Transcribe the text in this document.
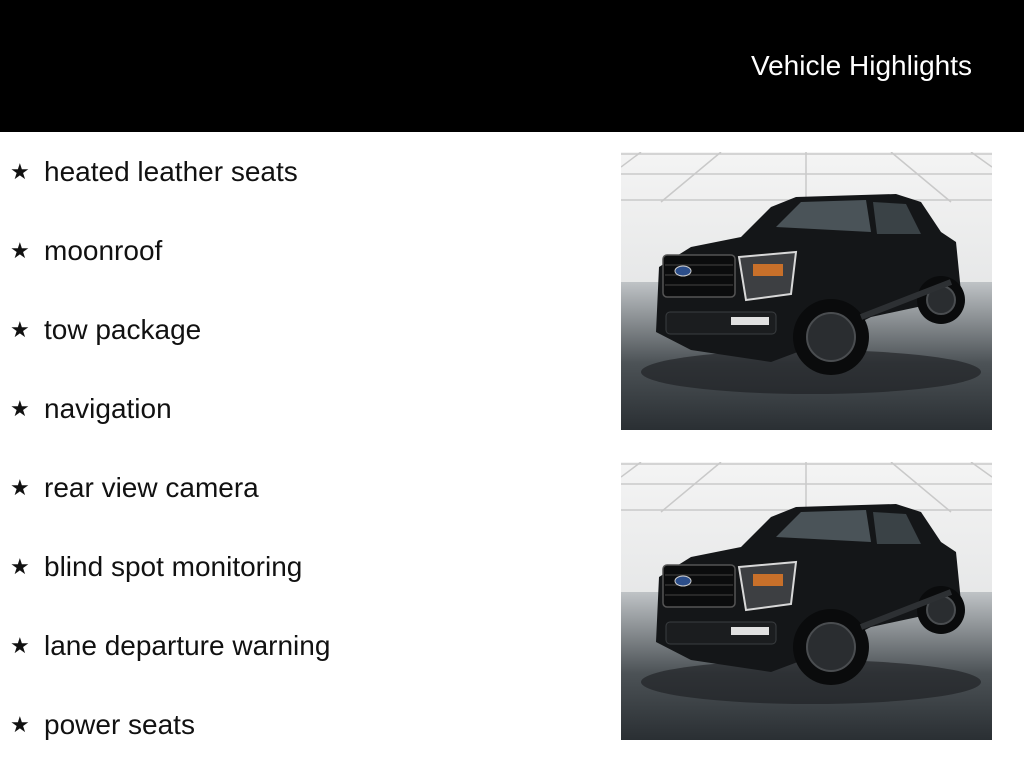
Vehicle Highlights
★ heated leather seats
★ moonroof
★ tow package
★ navigation
★ rear view camera
★ blind spot monitoring
★ lane departure warning
★ power seats
